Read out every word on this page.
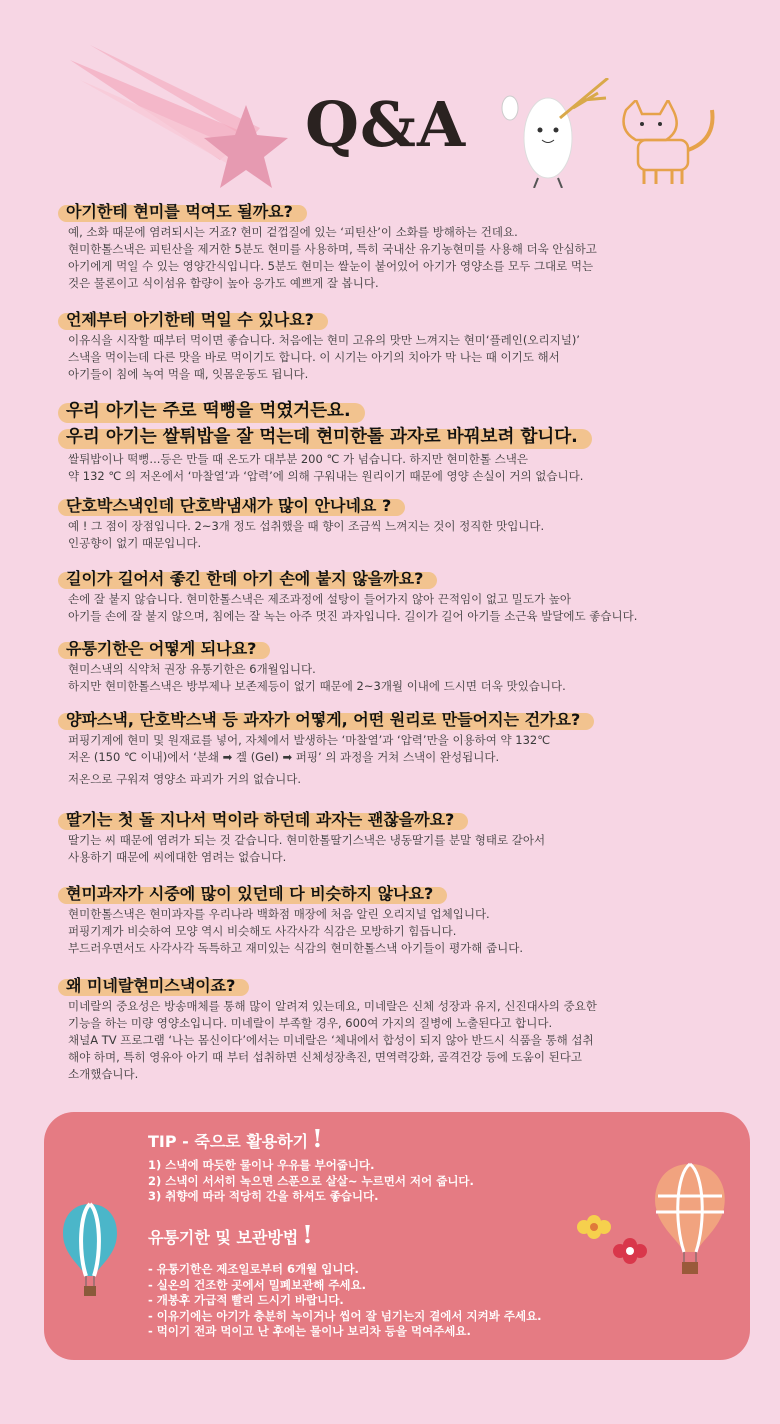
Q&A
아기한테 현미를 먹여도 될까요?
예, 소화 때문에 염려되시는 거죠? 현미 겉껍질에 있는 ‘피틴산’이 소화를 방해하는 건데요.
현미한톨스낵은 피틴산을 제거한 5분도 현미를 사용하며, 특히 국내산 유기농현미를 사용해 더욱 안심하고
아기에게 먹일 수 있는 영양간식입니다. 5분도 현미는 쌀눈이 붙어있어 아기가 영양소를 모두 그대로 먹는
것은 물론이고 식이섬유 함량이 높아 응가도 예쁘게 잘 봅니다.
언제부터 아기한테 먹일 수 있나요?
이유식을 시작할 때부터 먹이면 좋습니다. 처음에는 현미 고유의 맛만 느껴지는 현미‘플레인(오리지널)’
스낵을 먹이는데 다른 맛을 바로 먹이기도 합니다. 이 시기는 아기의 치아가 막 나는 때 이기도 해서
아기들이 침에 녹여 먹을 때, 잇몸운동도 됩니다.
우리 아기는 주로 떡뻥을 먹였거든요.
우리 아기는 쌀튀밥을 잘 먹는데 현미한톨 과자로 바꿔보려 합니다.
쌀튀밥이나 떡뻥...등은 만들 때 온도가 대부분 200 ℃ 가 넘습니다. 하지만 현미한톨 스낵은
약 132 ℃ 의 저온에서 ‘마찰열’과 ‘압력’에 의해 구워내는 원리이기 때문에 영양 손실이 거의 없습니다.
단호박스낵인데 단호박냄새가 많이 안나네요 ?
예 ! 그 점이 장점입니다. 2~3개 정도 섭취했을 때 향이 조금씩 느껴지는 것이 정직한 맛입니다.
인공향이 없기 때문입니다.
길이가 길어서 좋긴 한데 아기 손에 붙지 않을까요?
손에 잘 붙지 않습니다. 현미한톨스낵은 제조과정에 설탕이 들어가지 않아 끈적임이 없고 밀도가 높아
아기들 손에 잘 붙지 않으며, 침에는 잘 녹는 아주 멋진 과자입니다. 길이가 길어 아기들 소근육 발달에도 좋습니다.
유통기한은 어떻게 되나요?
현미스낵의 식약처 권장 유통기한은 6개월입니다.
하지만 현미한톨스낵은 방부제나 보존제등이 없기 때문에 2~3개월 이내에 드시면 더욱 맛있습니다.
양파스낵, 단호박스낵 등 과자가 어떻게, 어떤 원리로 만들어지는 건가요?
퍼핑기계에 현미 및 원재료를 넣어, 자체에서 발생하는 ‘마찰열’과 ‘압력’만을 이용하여 약 132℃
저온 (150 ℃ 이내)에서 ‘분쇄 ➡ 겔 (Gel) ➡ 퍼핑’ 의 과정을 거쳐 스낵이 완성됩니다.
저온으로 구워져 영양소 파괴가 거의 없습니다.
딸기는 첫 돌 지나서 먹이라 하던데 과자는 괜찮을까요?
딸기는 씨 때문에 염려가 되는 것 같습니다. 현미한톨딸기스낵은 냉동딸기를 분말 형태로 갈아서
사용하기 때문에 씨에대한 염려는 없습니다.
현미과자가 시중에 많이 있던데 다 비슷하지 않나요?
현미한톨스낵은 현미과자를 우리나라 백화점 매장에 처음 알린 오리지널 업체입니다.
퍼핑기계가 비슷하여 모양 역시 비슷해도 사각사각 식감은 모방하기 힘듭니다.
부드러우면서도 사각사각 독특하고 재미있는 식감의 현미한톨스낵 아기들이 평가해 줍니다.
왜 미네랄현미스낵이죠?
미네랄의 중요성은 방송매체를 통해 많이 알려져 있는데요, 미네랄은 신체 성장과 유지, 신진대사의 중요한
기능을 하는 미량 영양소입니다. 미네랄이 부족할 경우, 600여 가지의 질병에 노출된다고 합니다.
채널A TV 프로그램 ‘나는 몸신이다’에서는 미네랄은 ‘체내에서 합성이 되지 않아 반드시 식품을 통해 섭취
해야 하며, 특히 영유아 아기 때 부터 섭취하면 신체성장촉진, 면역력강화, 골격건강 등에 도움이 된다고
소개했습니다.
TIP - 죽으로 활용하기 !
1) 스낵에 따듯한 물이나 우유를 부어줍니다.
2) 스낵이 서서히 녹으면 스푼으로 살살~ 누르면서 저어 줍니다.
3) 취향에 따라 적당히 간을 하셔도 좋습니다.
유통기한 및 보관방법 !
- 유통기한은 제조일로부터 6개월 입니다.
- 실온의 건조한 곳에서 밀폐보관해 주세요.
- 개봉후 가급적 빨리 드시기 바랍니다.
- 이유기에는 아기가 충분히 녹이거나 씹어 잘 넘기는지 곁에서 지켜봐 주세요.
- 먹이기 전과 먹이고 난 후에는 물이나 보리차 등을 먹여주세요.
